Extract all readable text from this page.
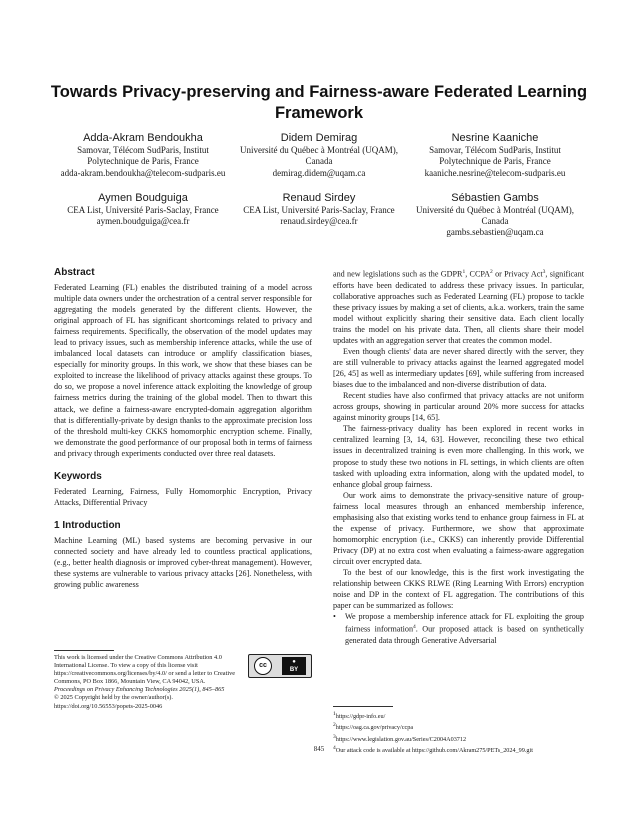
Towards Privacy-preserving and Fairness-aware Federated Learning Framework
Adda-Akram Bendoukha
Samovar, Télécom SudParis, Institut Polytechnique de Paris, France
adda-akram.bendoukha@telecom-sudparis.eu
Didem Demirag
Université du Québec à Montréal (UQAM), Canada
demirag.didem@uqam.ca
Nesrine Kaaniche
Samovar, Télécom SudParis, Institut Polytechnique de Paris, France
kaaniche.nesrine@telecom-sudparis.eu
Aymen Boudguiga
CEA List, Université Paris-Saclay, France
aymen.boudguiga@cea.fr
Renaud Sirdey
CEA List, Université Paris-Saclay, France
renaud.sirdey@cea.fr
Sébastien Gambs
Université du Québec à Montréal (UQAM), Canada
gambs.sebastien@uqam.ca
Abstract

Federated Learning (FL) enables the distributed training of a model across multiple data owners under the orchestration of a central server responsible for aggregating the models generated by the different clients. However, the original approach of FL has significant shortcomings related to privacy and fairness requirements. Specifically, the observation of the model updates may lead to privacy issues, such as membership inference attacks, while the use of imbalanced local datasets can introduce or amplify classification biases, especially for minority groups. In this work, we show that these biases can be exploited to increase the likelihood of privacy attacks against these groups. To do so, we propose a novel inference attack exploiting the knowledge of group fairness metrics during the training of the global model. Then to thwart this attack, we define a fairness-aware encrypted-domain aggregation algorithm that is differentially-private by design thanks to the approximate precision loss of the threshold multi-key CKKS homomorphic encryption scheme. Finally, we demonstrate the good performance of our proposal both in terms of fairness and privacy through experiments conducted over three real datasets.

Keywords

Federated Learning, Fairness, Fully Homomorphic Encryption, Privacy Attacks, Differential Privacy

1 Introduction

Machine Learning (ML) based systems are becoming pervasive in our connected society and have already led to countless practical applications, (e.g., better health diagnosis or improved cyber-threat management). However, these systems are vulnerable to various privacy attacks [26]. Nonetheless, with growing public awareness

and new legislations such as the GDPR$^1$, CCPA$^2$ or Privacy Act$^3$, significant efforts have been dedicated to address these privacy issues. In particular, collaborative approaches such as Federated Learning (FL) propose to tackle these privacy issues by making a set of clients, a.k.a. workers, train the same model without explicitly sharing their sensitive data. Each client locally trains the model on his private data. Then, all clients share their model updates with an aggregation server that creates the common model.

Even though clients' data are never shared directly with the server, they are still vulnerable to privacy attacks against the learned aggregated model [26, 45] as well as intermediary updates [69], while suffering from increased biases due to the imbalanced and non-diverse distribution of data.

Recent studies have also confirmed that privacy attacks are not uniform across groups, showing in particular around 20% more success for attacks against minority groups [14, 65].

The fairness-privacy duality has been explored in recent works in centralized learning [3, 14, 63]. However, reconciling these two ethical issues in decentralized training is even more challenging. In this work, we propose to study these two notions in FL settings, in which clients are often tasked with uploading extra information, along with the updated model, to enhance global group fairness.

Our work aims to demonstrate the privacy-sensitive nature of group-fairness local measures through an enhanced membership inference, emphasising also that existing works tend to enhance group fairness in FL at the expense of privacy. Furthermore, we show that approximate homomorphic encryption (i.e., CKKS) can inherently provide Differential Privacy (DP) at no extra cost when evaluating a fairness-aware aggregation circuit over encrypted data.

To the best of our knowledge, this is the first work investigating the relationship between CKKS RLWE (Ring Learning With Errors) encryption noise and DP in the context of FL aggregation. The contributions of this paper can be summarized as follows:

•	We propose a membership inference attack for FL exploiting the group fairness information$^4$. Our proposed attack is based on synthetically generated data through Generative Adversarial

This work is licensed under the Creative Commons Attribution 4.0 International License. To view a copy of this license visit https://creativecommons.org/licenses/by/4.0/ or send a letter to Creative Commons, PO Box 1866, Mountain View, CA 94042, USA.
cc
●
BY
Proceedings on Privacy Enhancing Technologies 2025(1), 845–865
© 2025 Copyright held by the owner/author(s).
https://doi.org/10.56553/popets-2025-0046
$^1$https://gdpr-info.eu/
$^2$https://oag.ca.gov/privacy/ccpa
$^3$https://www.legislation.gov.au/Series/C2004A03712
$^4$Our attack code is available at https://github.com/Akram275/PETs_2024_99.git
845
